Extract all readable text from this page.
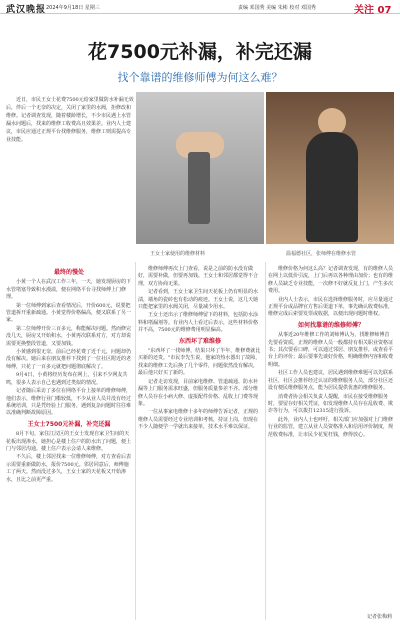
武汉晚报 2024年9月18日 星期三	责编 邓国秀 美编 朱彬 校对 邓国秀	关注 07
花7500元补漏，补完还漏
找个靠谱的维修师傅为何这么难？

近日，市民王女士花费7500元给家里做防水补漏无效后，伴后一个无奈的决定，关闭了家里的水阀，拒修改和维修。记者调查发现，随着楼龄增长，不少市民遇上水管漏水问题后，找来的维修工收费高且效果差。业内人士建议，市民应通过正规平台找维修服务，维修工则需提高专业技能。

王女士家使用的维修材料	温福德社区，张师傅在维修水管
最终的慢处

小黄一个人在武汉工作三年，一天，她发现厨房的下水管堵塞导致积水漫溢，便在网络平台寻找师傅上门修理。

第一位师傅到家后查看情况后，开价600元，说要把管道拆开重新疏通。小黄觉得价格偏高，便又联系了另一家。

第二位师傅开价三百多元，称能解决问题。然而修完没几天，厨房又开始积水，小黄再次联系对方，对方却说需要更换整段管道，又要加钱。

小黄感到很无奈，前后已经花费了近千元，问题却仍没有解决。她后来在朋友推荐下找到了一位社区附近的老师傅，只花了一百多元就把问题彻底解决了。

9月4日，小黄将经历发布在网上，引来不少网友共鸣，很多人表示自己也遇到过类似的情况。

记者随后采访了多位在网络平台上接单的维修师傅，他们表示，维修行业门槛较低，不少从业人员并没有经过系统培训，只是凭经验上门服务，遇到复杂问题时往往难以准确判断故障原因。

王女士7500元补漏，补完还漏

8月下旬，家住江汉区的王女士发现自家卫生间的天花板出现渗水，她担心是楼上住户的防水出了问题，便上门与邻居沟通。楼上住户表示会请人来维修。

不久后，楼上邻居找来一位维修师傅，对方查看后表示需要重新做防水，报价7500元。邻居同意后，师傅施工了两天。然而没过多久，王女士家的天花板又开始渗水，且比之前更严重。

维修师傅再次上门查看，说是之前的防水没有做好，需要补做，但要再加钱。王女士和邻居都觉得不合理，双方协商无果。

记者看到，王女士家卫生间天花板上仍有明显的水渍，墙角的瓷砖也有松动的痕迹。王女士说，这几天她只能把家里的水阀关闭，尽量减少用水。

王女士还出示了维修师傅留下的材料，包括防水涂料和堵漏剂等。有业内人士看过后表示，这些材料价格并不高，7500元的维修费用明显偏高。

东西坏了难维修

"东西坏了一找师傅，结果只坏了半年，维修费就比买新的还贵。"市民李先生说，他家的热水器出了故障，找来的维修工先后换了几个零件，问题依然没有解决，最后他只好买了新的。

记者走访发现，目前家电维修、管道疏通、防水补漏等上门服务需求旺盛，但服务质量参差不齐。部分维修人员存在小病大修、虚报配件价格、乱收上门费等现象。

一位从事家电维修十多年的师傅告诉记者，正规的维修人员需要经过专业培训和考核，持证上岗，但现在不少人随便学一学就出来接单，技术水平难以保证。

维修价格为何这么高？记者调查发现，有的维修人员在网上以低价引流，上门后再以各种理由加价；也有的维修人员缺乏专业技能，一次修不好就反复上门，产生多次费用。

业内人士表示，市民在选择维修服务时，应尽量通过正规平台或品牌官方售后渠道下单，事先确认收费标准，维修完成后索要发票或收据，以便出现问题时维权。

如何找靠谱的维修师傅？

从事近20年维修工作的刘师傅认为，找维修师傅首先要看资质，正规的维修人员一般都持有相关职业资格证书；其次要看口碑，可以通过邻居、朋友推荐，或查看平台上的评价；最后要事先谈好价格，明确维修内容和收费明细。

社区工作人员也建议，居民遇到维修难题可以先联系社区，社区会推荐经过认证的维修服务人员，部分社区还设有便民维修服务点，能为居民提供优惠的维修服务。

消费者协会相关负责人提醒，市民在接受维修服务时，要留存好相关凭证，如发现维修人员存在乱收费、欺诈等行为，可以拨打12315进行投诉。

此外，业内人士也呼吁，相关部门应加强对上门维修行业的监管，建立从业人员资格准入和信用评价制度，规范收费标准，让市民少花冤枉钱，修得放心。

记者张梅莉
